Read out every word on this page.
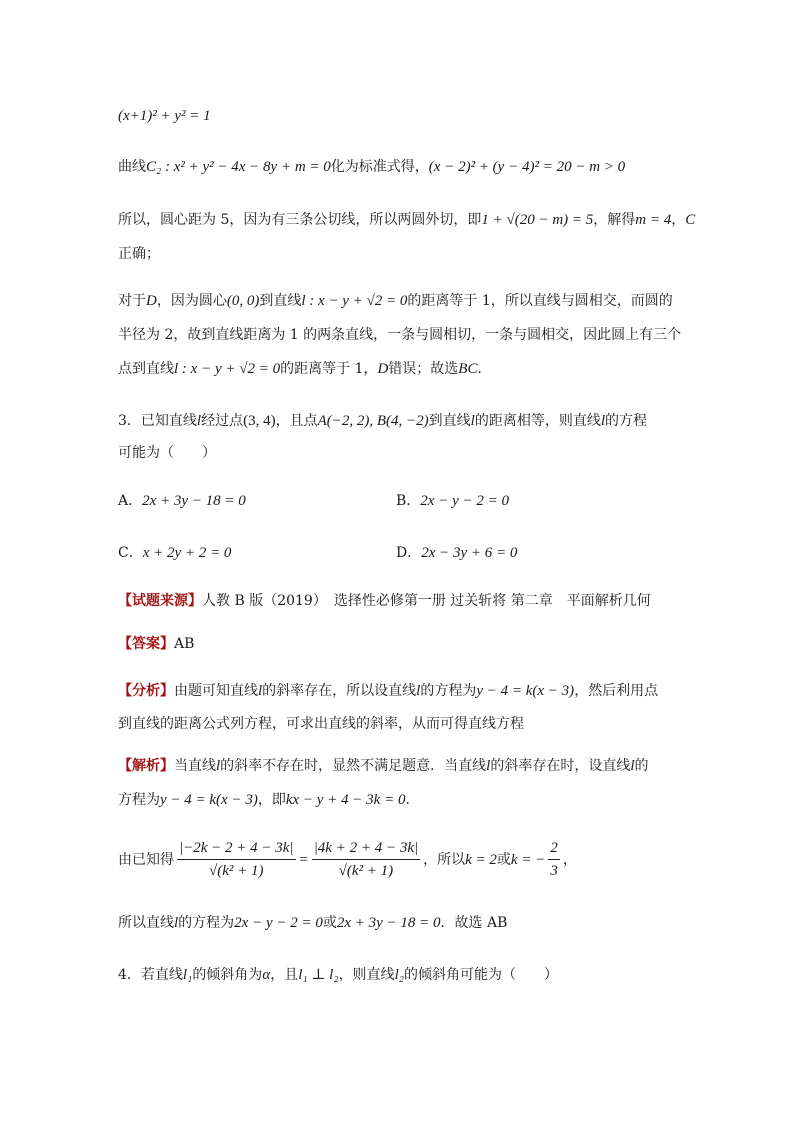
(x+1)² + y² = 1
曲线C₂ : x² + y² − 4x − 8y + m = 0化为标准式得，(x − 2)² + (y − 4)² = 20 − m > 0
所以，圆心距为 5，因为有三条公切线，所以两圆外切，即1 + √(20 − m) = 5，解得m = 4，C
正确；
对于D，因为圆心(0, 0)到直线l : x − y + √2 = 0的距离等于 1，所以直线与圆相交，而圆的
半径为 2，故到直线距离为 1 的两条直线，一条与圆相切，一条与圆相交，因此圆上有三个
点到直线l : x − y + √2 = 0的距离等于 1，D错误；故选BC．
3．已知直线l经过点(3, 4)，且点A(−2, 2), B(4, −2)到直线l的距离相等，则直线l的方程
可能为（　　）
A．2x + 3y − 18 = 0	B．2x − y − 2 = 0
C．x + 2y + 2 = 0	D．2x − 3y + 6 = 0
【试题来源】人教 B 版（2019）　选择性必修第一册 过关斩将 第二章　平面解析几何
【答案】AB
【分析】由题可知直线l的斜率存在，所以设直线l的方程为y − 4 = k(x − 3)，然后利用点
到直线的距离公式列方程，可求出直线的斜率，从而可得直线方程
【解析】当直线l的斜率不存在时，显然不满足题意．当直线l的斜率存在时，设直线l的
方程为y − 4 = k(x − 3)，即kx − y + 4 − 3k = 0．
由已知得 $\frac{|-2k - 2 + 4 - 3k|}{\text{√(k² + 1)}} = \frac{|4k + 2 + 4 - 3k|}{\text{√(k² + 1)}}$ ，所以 k = 2 或 k = − $\frac{2}{3}$ ，
所以直线l的方程为2x − y − 2 = 0或2x + 3y − 18 = 0．故选 AB
4．若直线l₁的倾斜角为α，且l₁ ⊥ l₂，则直线l₂的倾斜角可能为（　　）
